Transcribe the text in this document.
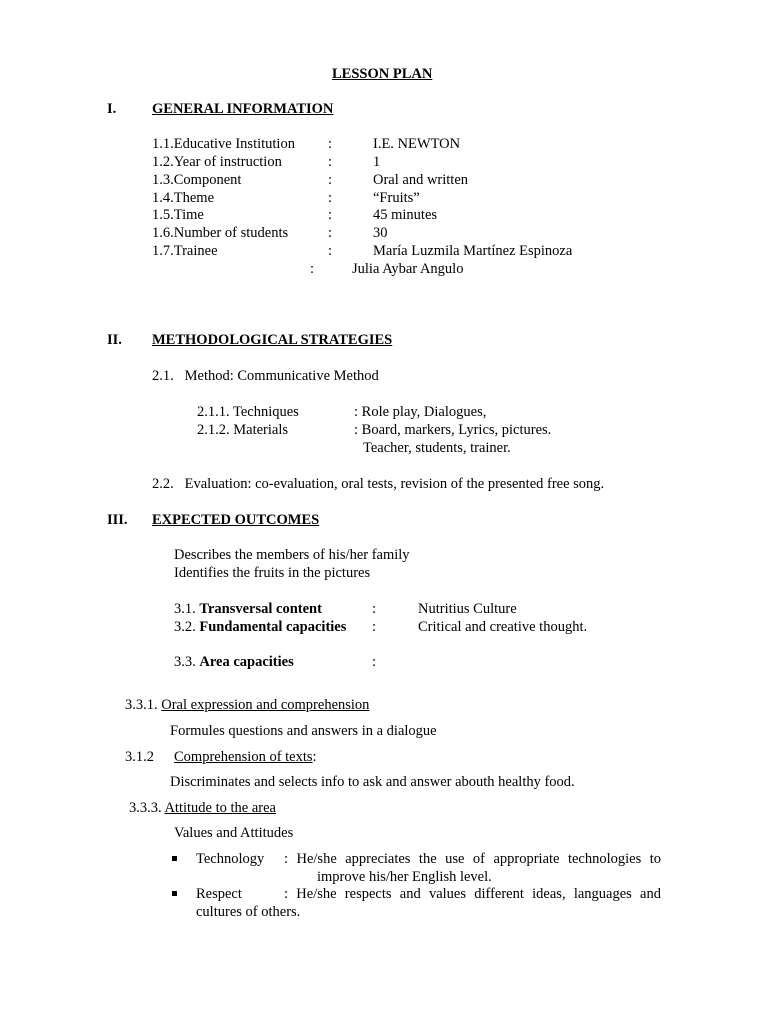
LESSON PLAN
I. GENERAL INFORMATION
1.1.Educative Institution :	I.E. NEWTON
1.2.Year of instruction	:	1
1.3.Component	:	Oral and written
1.4.Theme	:	“Fruits”
1.5.Time	:	45 minutes
1.6.Number of students	:	30
1.7.Trainee	:	María Luzmila Martínez Espinoza
:	Julia Aybar Angulo
II. METHODOLOGICAL STRATEGIES
2.1.   Method: Communicative Method
2.1.1. Techniques	: Role play, Dialogues,
2.1.2. Materials	: Board, markers, Lyrics, pictures.
Teacher, students, trainer.
2.2.   Evaluation: co-evaluation, oral tests, revision of the presented free song.
III. EXPECTED OUTCOMES
Describes the members of his/her family
Identifies the fruits in the pictures
3.1. Transversal content	:	Nutritius Culture
3.2. Fundamental capacities :	Critical and creative thought.
3.3. Area capacities	:
3.3.1. Oral expression and comprehension
Formules questions and answers in a dialogue
3.1.2 Comprehension of texts:
Discriminates and selects info to ask and answer abouth healthy food.
3.3.3. Attitude to the area
Values and Attitudes
Technology : He/she appreciates the use of appropriate technologies to
improve his/her English level.
Respect	: He/she respects and values different ideas, languages and
cultures of others.
